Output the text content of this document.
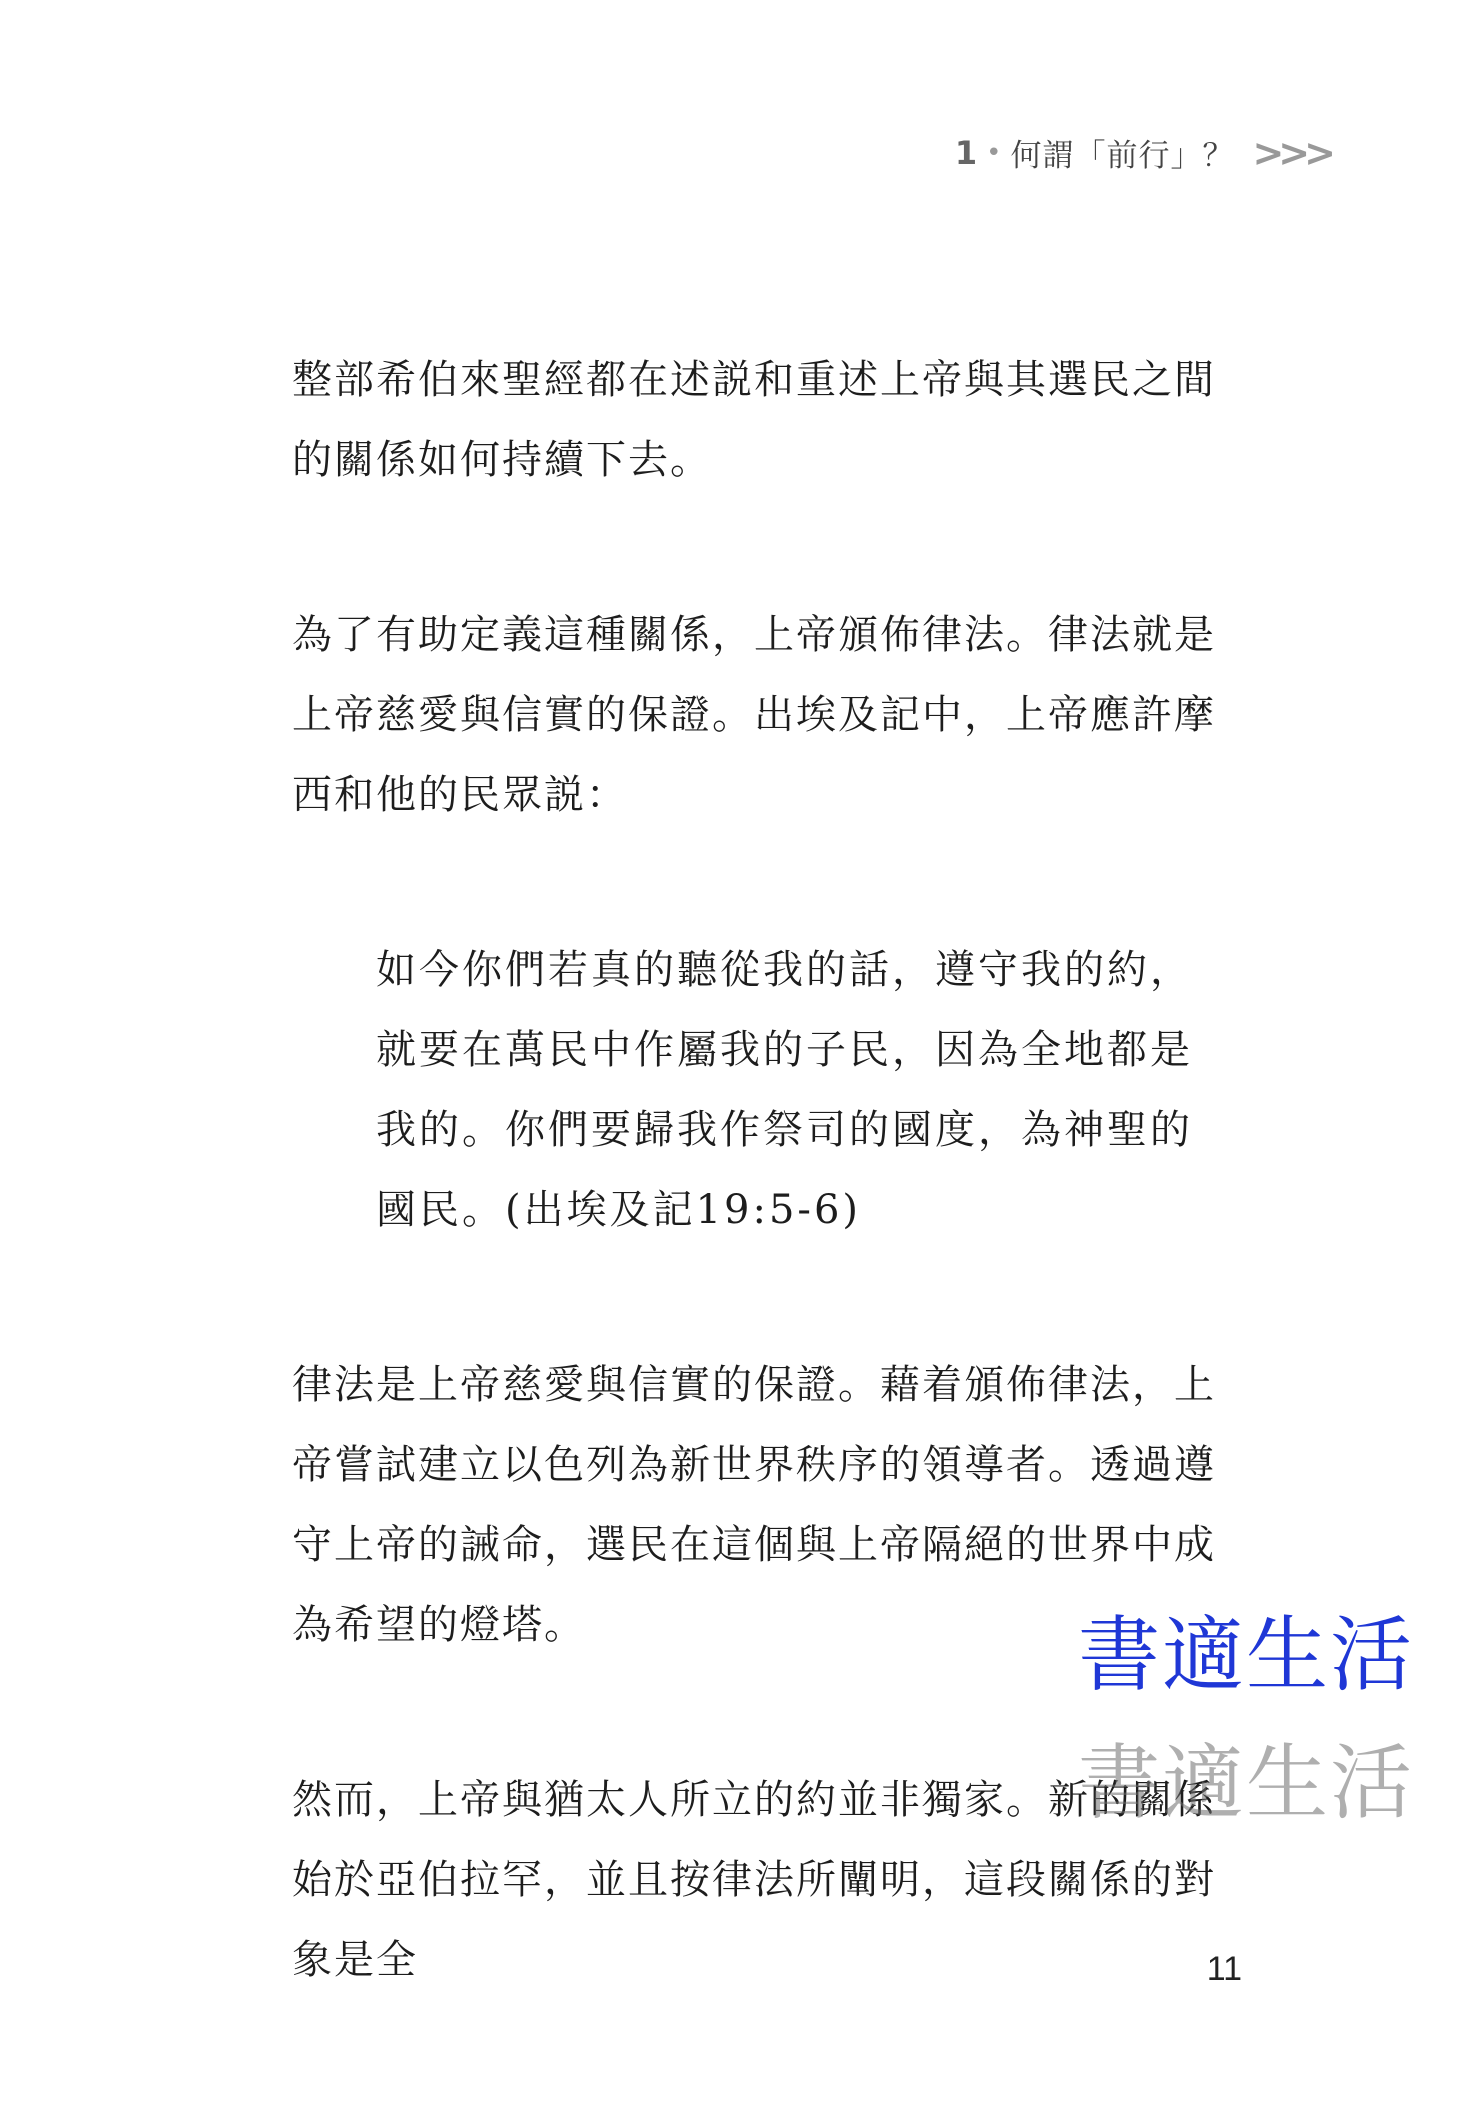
1 • 何謂「前行」？ >>>

整部希伯來聖經都在述説和重述上帝與其選民之間的關係如何持續下去。

為了有助定義這種關係，上帝頒佈律法。律法就是上帝慈愛與信實的保證。出埃及記中，上帝應許摩西和他的民眾説：

如今你們若真的聽從我的話，遵守我的約，就要在萬民中作屬我的子民，因為全地都是我的。你們要歸我作祭司的國度，為神聖的國民。(出埃及記19:5-6)

律法是上帝慈愛與信實的保證。藉着頒佈律法，上帝嘗試建立以色列為新世界秩序的領導者。透過遵守上帝的誡命，選民在這個與上帝隔絕的世界中成為希望的燈塔。

然而，上帝與猶太人所立的約並非獨家。新的關係始於亞伯拉罕，並且按律法所闡明，這段關係的對象是全

書適生活
書適生活
11
